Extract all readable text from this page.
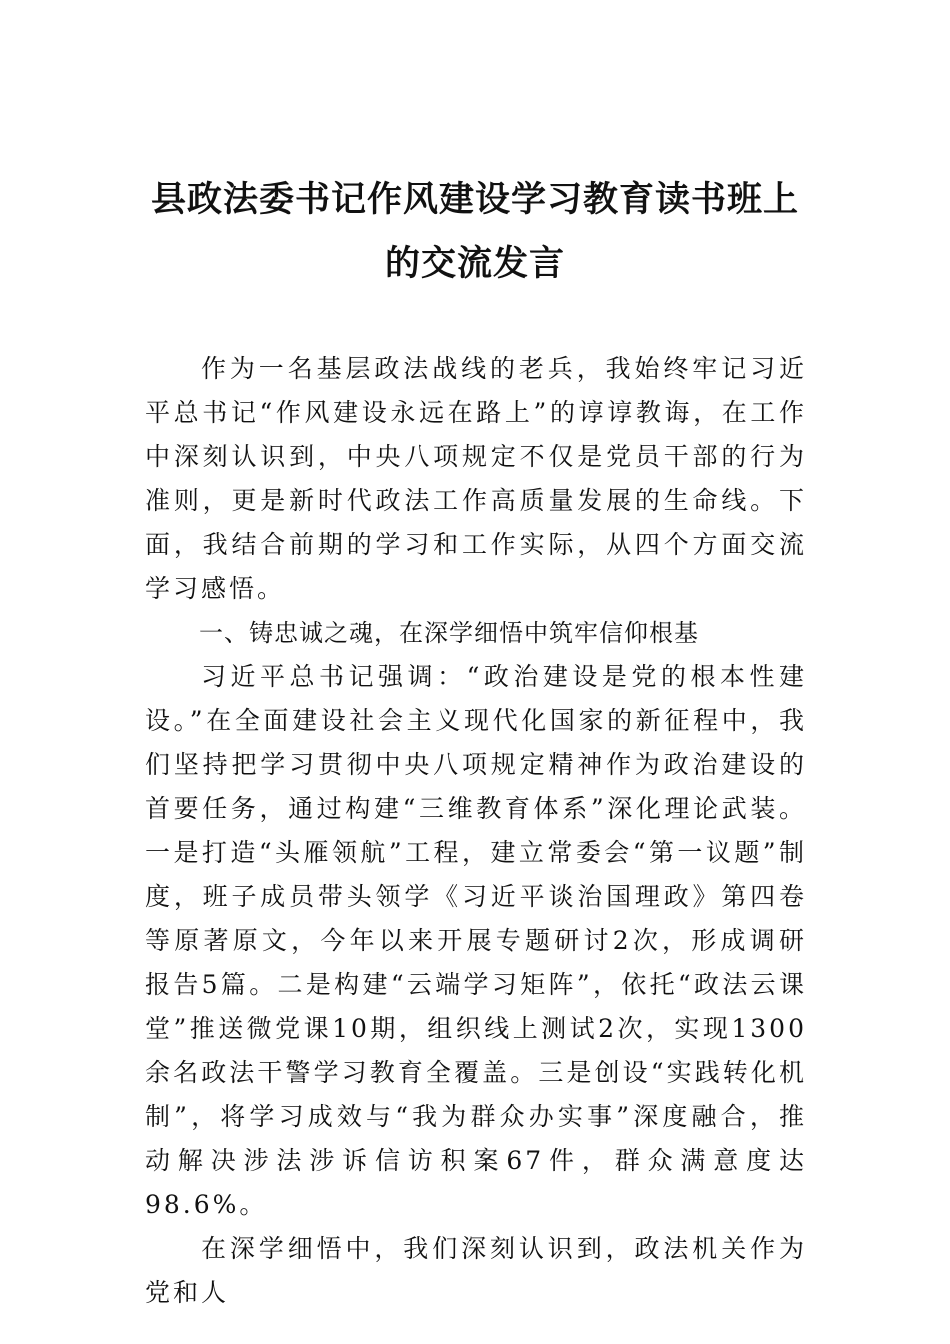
县政法委书记作风建设学习教育读书班上
的交流发言

作为一名基层政法战线的老兵，我始终牢记习近平总书记“作风建设永远在路上”的谆谆教诲，在工作中深刻认识到，中央八项规定不仅是党员干部的行为准则，更是新时代政法工作高质量发展的生命线。下面，我结合前期的学习和工作实际，从四个方面交流学习感悟。

一、铸忠诚之魂，在深学细悟中筑牢信仰根基

习近平总书记强调：“政治建设是党的根本性建设。”在全面建设社会主义现代化国家的新征程中，我们坚持把学习贯彻中央八项规定精神作为政治建设的首要任务，通过构建“三维教育体系”深化理论武装。一是打造“头雁领航”工程，建立常委会“第一议题”制度，班子成员带头领学《习近平谈治国理政》第四卷等原著原文，今年以来开展专题研讨2次，形成调研报告5篇。二是构建“云端学习矩阵”，依托“政法云课堂”推送微党课10期，组织线上测试2次，实现1300余名政法干警学习教育全覆盖。三是创设“实践转化机制”，将学习成效与“我为群众办实事”深度融合，推动解决涉法涉诉信访积案67件，群众满意度达98.6%。

在深学细悟中，我们深刻认识到，政法机关作为党和人
